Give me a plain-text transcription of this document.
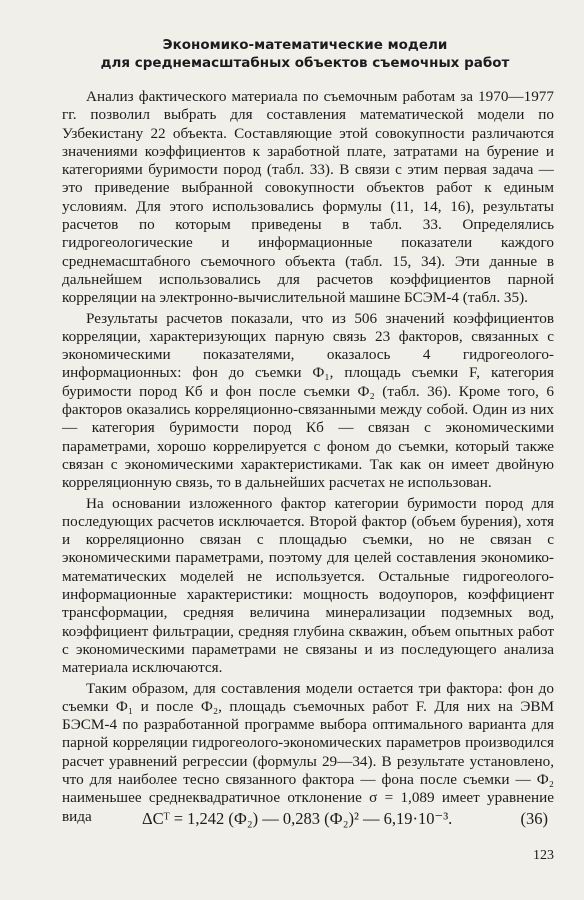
Экономико-математические модели
для среднемасштабных объектов съемочных работ

Анализ фактического материала по съемочным работам за 1970—1977 гг. позволил выбрать для составления математической модели по Узбекистану 22 объекта. Составляющие этой совокупности различаются значениями коэффициентов к заработной плате, затратами на бурение и категориями буримости пород (табл. 33). В связи с этим первая задача — это приведение выбранной совокупности объектов работ к единым условиям. Для этого использовались формулы (11, 14, 16), результаты расчетов по которым приведены в табл. 33. Определялись гидрогеологические и информационные показатели каждого среднемасштабного съемочного объекта (табл. 15, 34). Эти данные в дальнейшем использовались для расчетов коэффициентов парной корреляции на электронно-вычислительной машине БСЭМ-4 (табл. 35).

Результаты расчетов показали, что из 506 значений коэффициентов корреляции, характеризующих парную связь 23 факторов, связанных с экономическими показателями, оказалось 4 гидрогеолого-информационных: фон до съемки Ф₁, площадь съемки F, категория буримости пород Кб и фон после съемки Ф₂ (табл. 36). Кроме того, 6 факторов оказались корреляционно-связанными между собой. Один из них — категория буримости пород Кб — связан с экономическими параметрами, хорошо коррелируется с фоном до съемки, который также связан с экономическими характеристиками. Так как он имеет двойную корреляционную связь, то в дальнейших расчетах не использован.

На основании изложенного фактор категории буримости пород для последующих расчетов исключается. Второй фактор (объем бурения), хотя и корреляционно связан с площадью съемки, но не связан с экономическими параметрами, поэтому для целей составления экономико-математических моделей не используется. Остальные гидрогеолого-информационные характеристики: мощность водоупоров, коэффициент трансформации, средняя величина минерализации подземных вод, коэффициент фильтрации, средняя глубина скважин, объем опытных работ с экономическими параметрами не связаны и из последующего анализа материала исключаются.

Таким образом, для составления модели остается три фактора: фон до съемки Ф₁ и после Ф₂, площадь съемочных работ F. Для них на ЭВМ БЭСМ-4 по разработанной программе выбора оптимального варианта для парной корреляции гидрогеолого-экономических параметров производился расчет уравнений регрессии (формулы 29—34). В результате установлено, что для наиболее тесно связанного фактора — фона после съемки — Ф₂ наименьшее среднеквадратичное отклонение σ = 1,089 имеет уравнение вида	ΔCᵀ = 1,242 (Ф₂) — 0,283 (Ф₂)² — 6,19·10⁻³.	(36)
123
